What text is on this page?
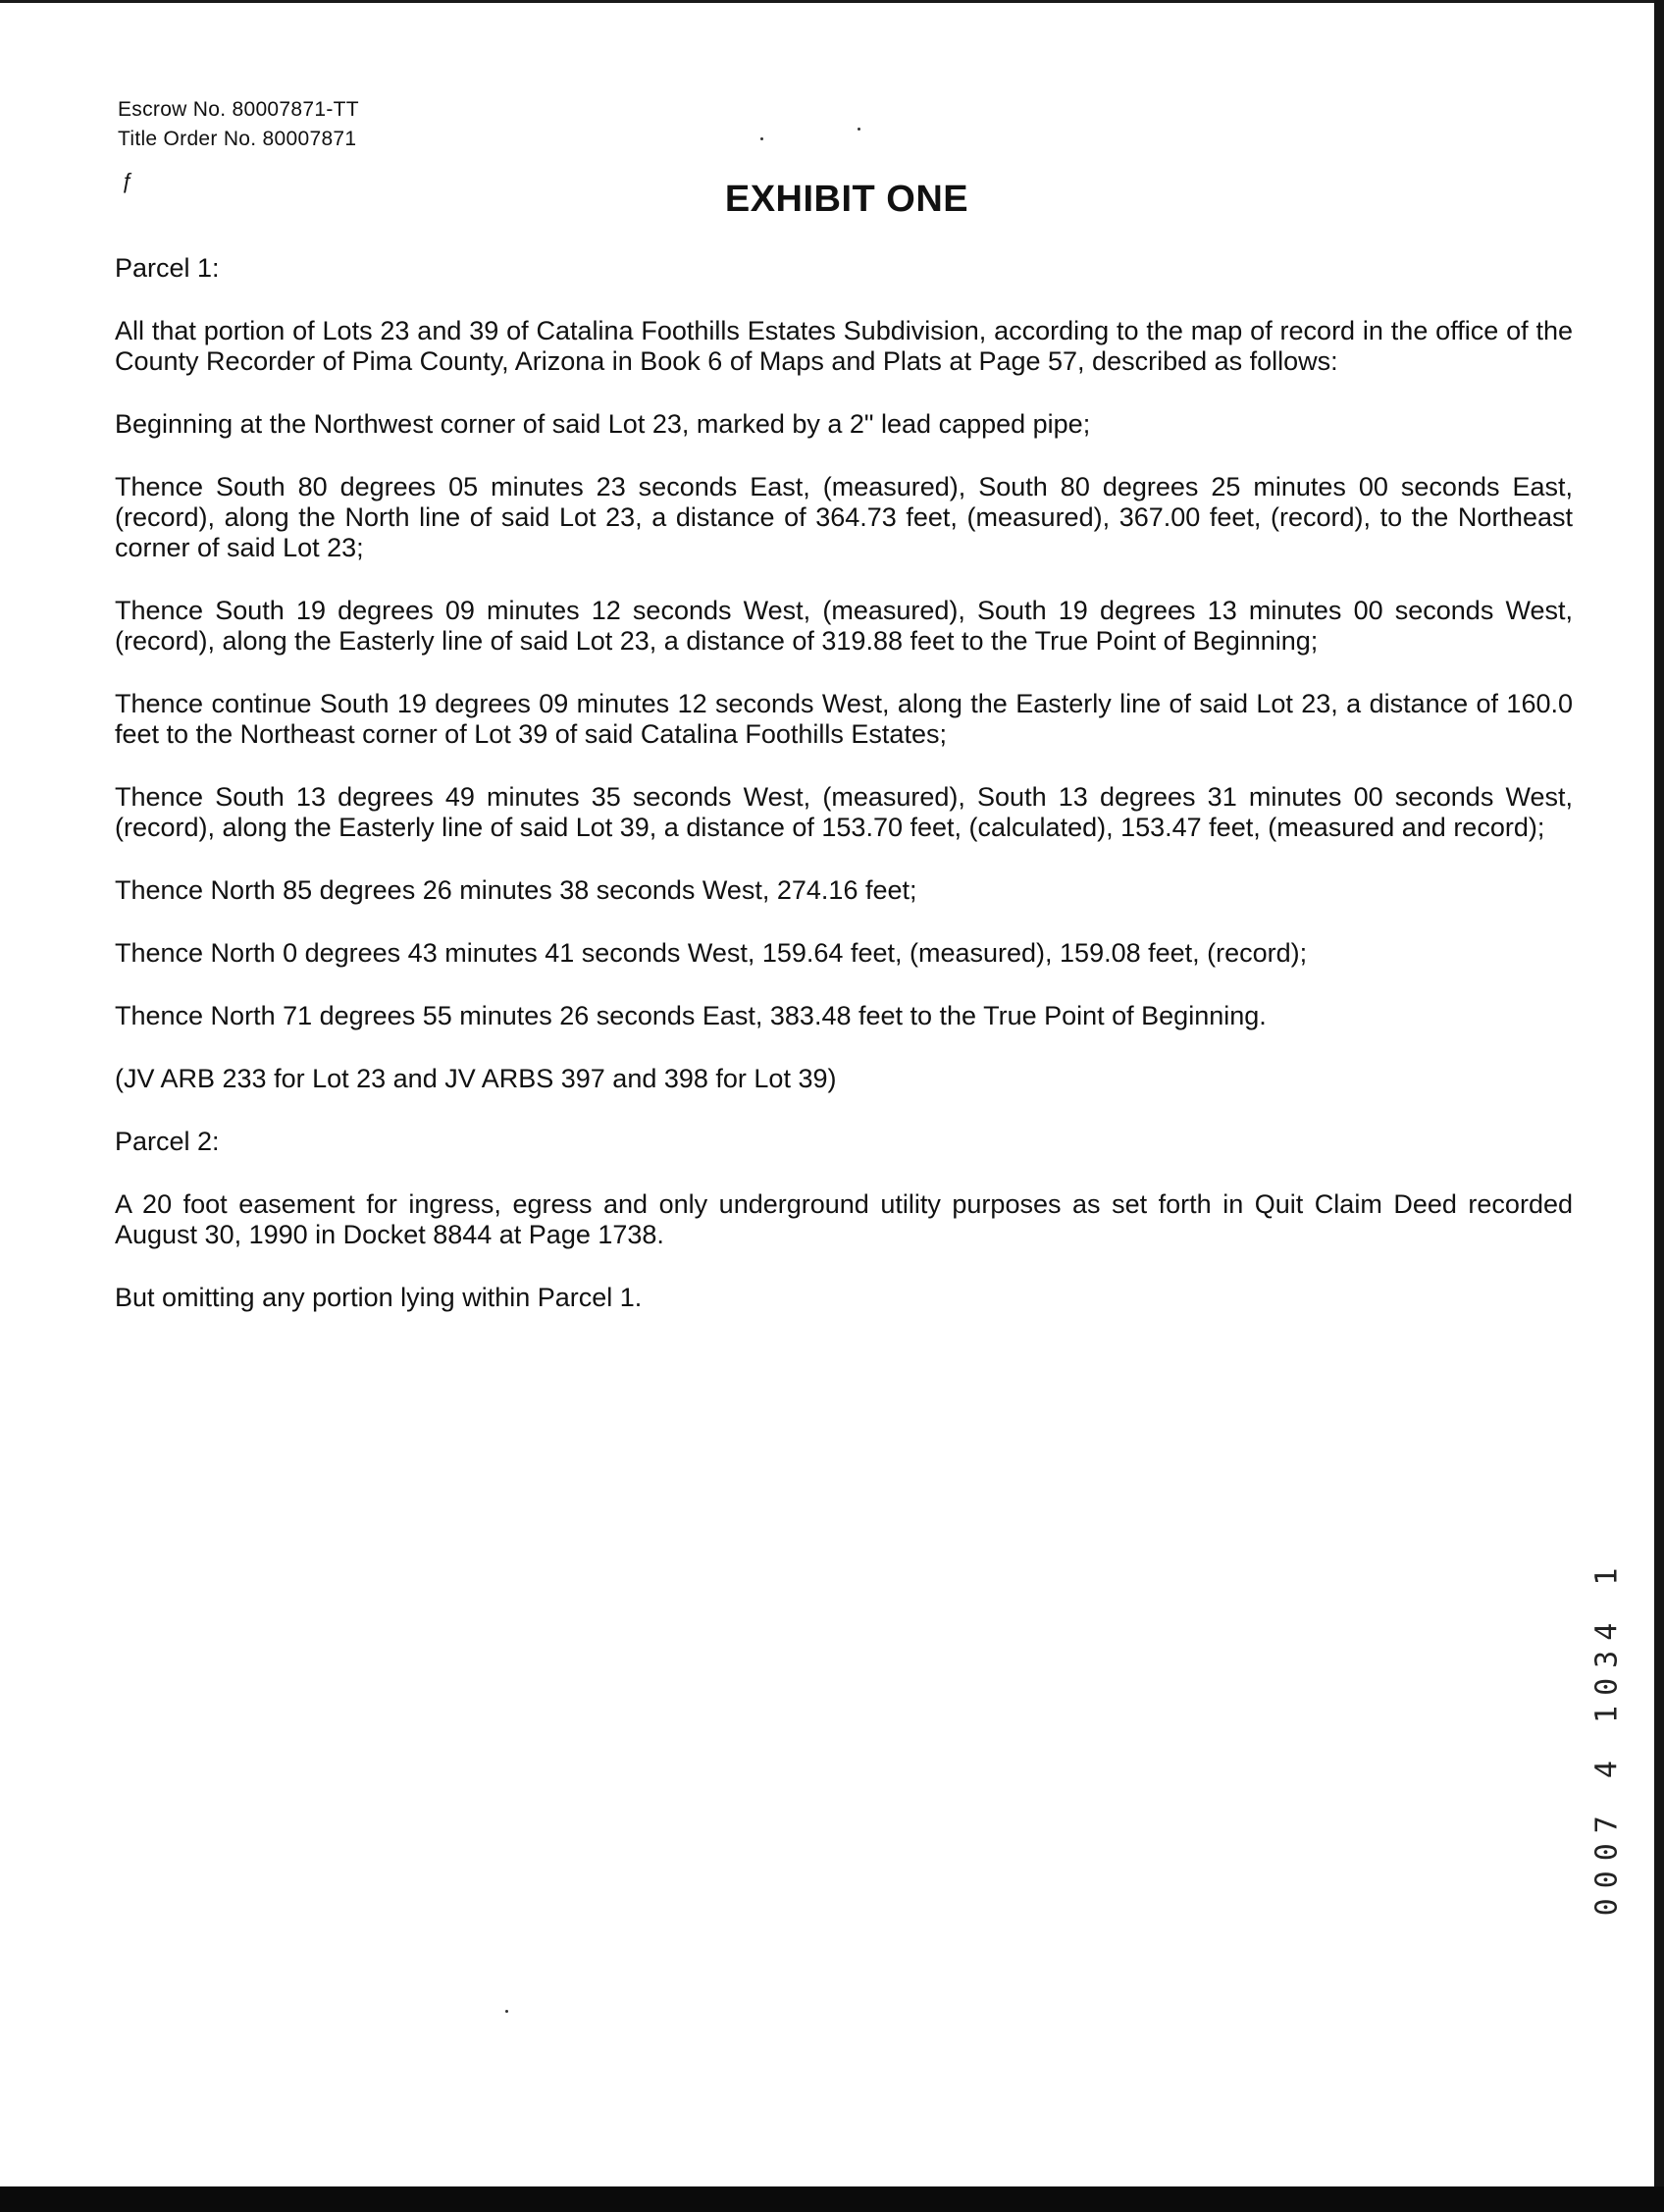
Escrow No. 80007871-TT
Title Order No. 80007871
ƒ	EXHIBIT ONE

Parcel 1:

All that portion of Lots 23 and 39 of Catalina Foothills Estates Subdivision, according to the map of record in the office of the County Recorder of Pima County, Arizona in Book 6 of Maps and Plats at Page 57, described as follows:

Beginning at the Northwest corner of said Lot 23, marked by a 2" lead capped pipe;

Thence South 80 degrees 05 minutes 23 seconds East, (measured), South 80 degrees 25 minutes 00 seconds East, (record), along the North line of said Lot 23, a distance of 364.73 feet, (measured), 367.00 feet, (record), to the Northeast corner of said Lot 23;

Thence South 19 degrees 09 minutes 12 seconds West, (measured), South 19 degrees 13 minutes 00 seconds West, (record), along the Easterly line of said Lot 23, a distance of 319.88 feet to the True Point of Beginning;

Thence continue South 19 degrees 09 minutes 12 seconds West, along the Easterly line of said Lot 23, a distance of 160.0 feet to the Northeast corner of Lot 39 of said Catalina Foothills Estates;

Thence South 13 degrees 49 minutes 35 seconds West, (measured), South 13 degrees 31 minutes 00 seconds West, (record), along the Easterly line of said Lot 39, a distance of 153.70 feet, (calculated), 153.47 feet, (measured and record);

Thence North 85 degrees 26 minutes 38 seconds West, 274.16 feet;

Thence North 0 degrees 43 minutes 41 seconds West, 159.64 feet, (measured), 159.08 feet, (record);

Thence North 71 degrees 55 minutes 26 seconds East, 383.48 feet to the True Point of Beginning.

(JV ARB 233 for Lot 23 and JV ARBS 397 and 398 for Lot 39)

Parcel 2:

A 20 foot easement for ingress, egress and only underground utility purposes as set forth in Quit Claim Deed recorded August 30, 1990 in Docket 8844 at Page 1738.

But omitting any portion lying within Parcel 1.

0007 4 1034 1
